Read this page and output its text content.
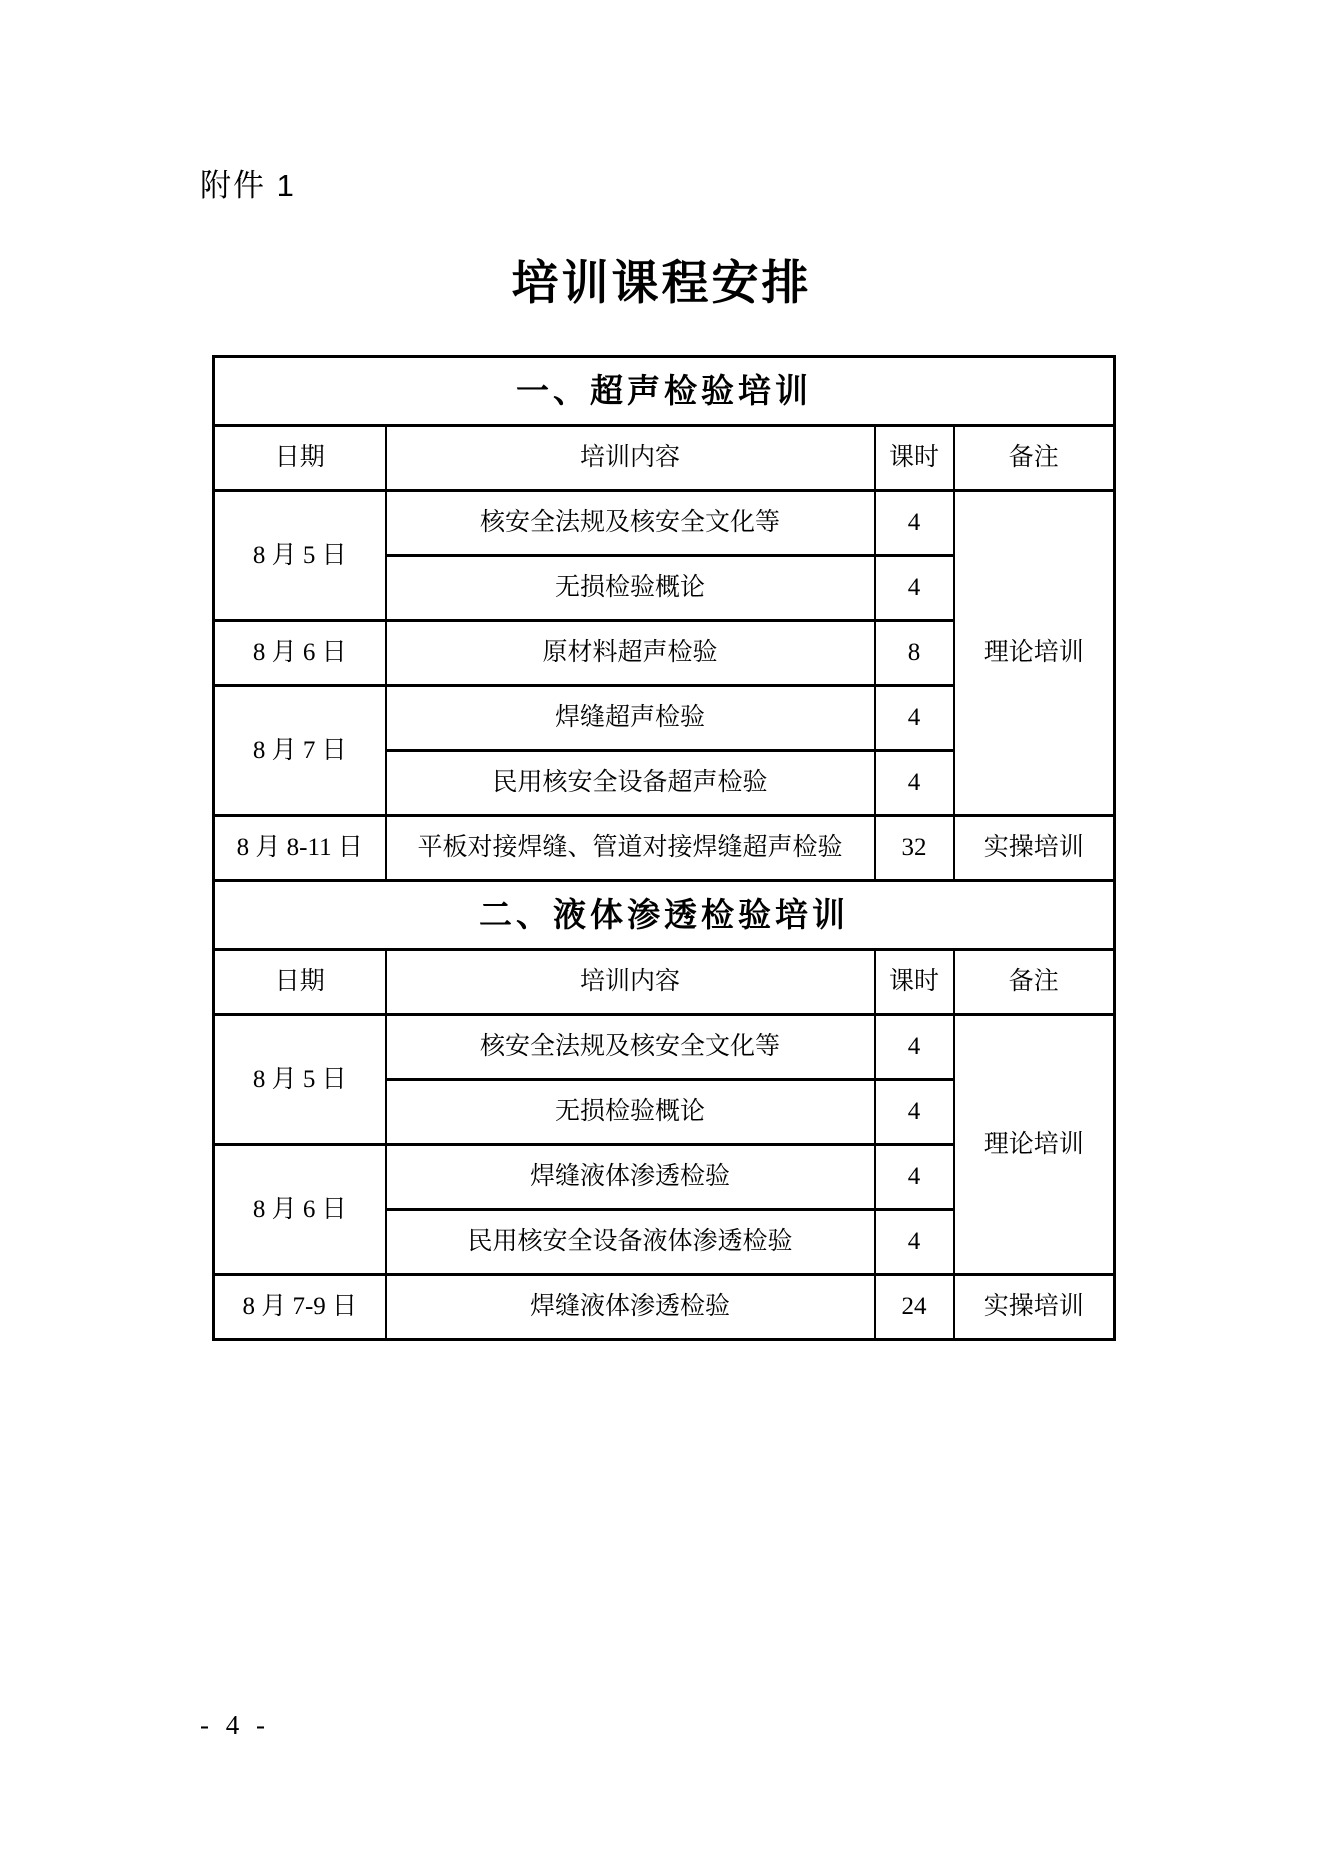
附件 1
培训课程安排
一、超声检验培训			
日期	培训内容	课时	备注
8 月 5 日	核安全法规及核安全文化等	4	理论培训
	无损检验概论	4	
8 月 6 日	原材料超声检验	8	
8 月 7 日	焊缝超声检验	4	
	民用核安全设备超声检验	4	
8 月 8-11 日	平板对接焊缝、管道对接焊缝超声检验	32	实操培训
二、液体渗透检验培训			
日期	培训内容	课时	备注
8 月 5 日	核安全法规及核安全文化等	4	理论培训
	无损检验概论	4	
8 月 6 日	焊缝液体渗透检验	4	
	民用核安全设备液体渗透检验	4	
8 月 7-9 日	焊缝液体渗透检验	24	实操培训
- 4 -
